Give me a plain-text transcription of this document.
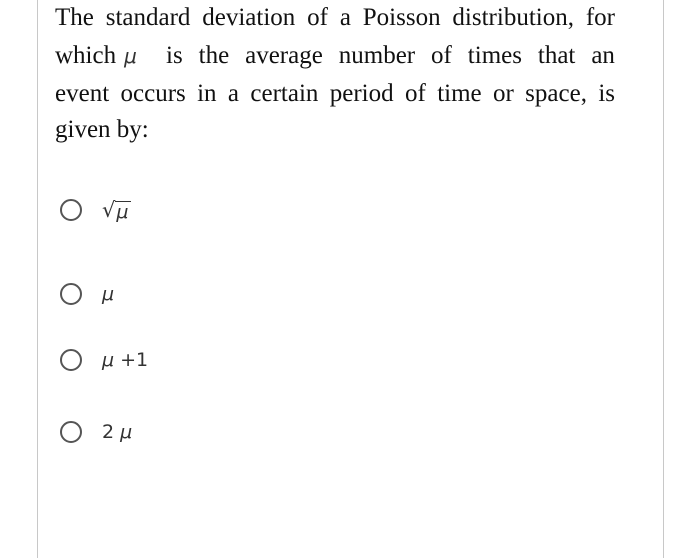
The standard deviation of a Poisson distribution, for
which μ	is the average number of times that an
event occurs in a certain period of time or space, is
given by:
√ μ
μ
μ +1
2 μ
